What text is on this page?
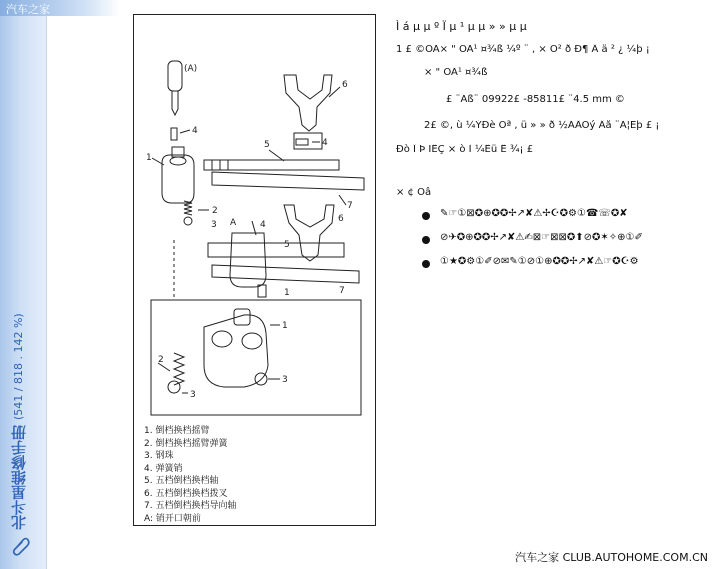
汽车之家
北斗星维修手册 (541 / 818 . 142 %)
(A)
4
1
2
3
5	4
6
7
A	4
6
5
1	7
1
2
3
3
1. 倒档换档摇臂
2. 倒档换档摇臂弹簧
3. 钢珠
4. 弹簧销
5. 五档倒档换档轴
6. 五档倒档换档拨叉
7. 五档倒档换档导向轴
A: 销开口朝前
Ì á µ µ º Ï µ ¹ µ µ » » µ µ
1 £ ©ÓÃ× " ÓÃ¹ ¤¾ß ¼º ¨ , × Ó² ð Ð¶ Â ä ² ¿ ¼þ ¡
× " ÓÃ¹ ¤¾ß
£ ¨Aß¨ 09922£ -85811£ ¨4.5 mm ©
2£ ©, ù ¼ÝÐè Òª , ü » » ð ½ÃÂÒý Âå ¨Ã¦Ëþ £ ¡
Ðò Î Þ ÏÊÇ × ò Ì ¼Êü Ê ¾¡ £
× ¢ Òâ
✎☞①⊠✪⊕✪✪✢↗✘⚠✢☪✪⚙①☎☏✪✘
⊘✈✪⊕✪✪✢↗✘⚠✍⊠☞⊠⊠✪⬆⊘✪✶✧⊕①✐
①★✪⚙①✐⊘✉✎①⊘①⊕✪✪✢↗✘⚠☞✪☪⚙
汽车之家 CLUB.AUTOHOME.COM.CN
